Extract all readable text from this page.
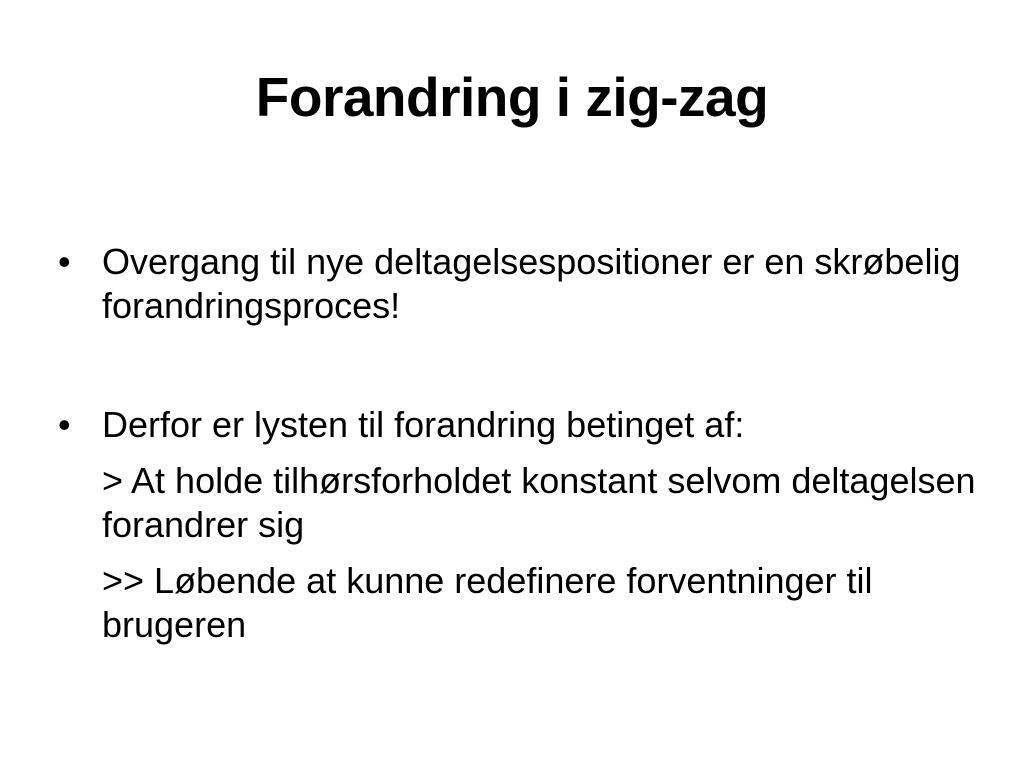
Forandring i zig-zag
• Overgang til nye deltagelsespositioner er en skrøbelig forandringsproces!
• Derfor er lysten til forandring betinget af:
> At holde tilhørsforholdet konstant selvom deltagelsen forandrer sig
>> Løbende at kunne redefinere forventninger til brugeren
